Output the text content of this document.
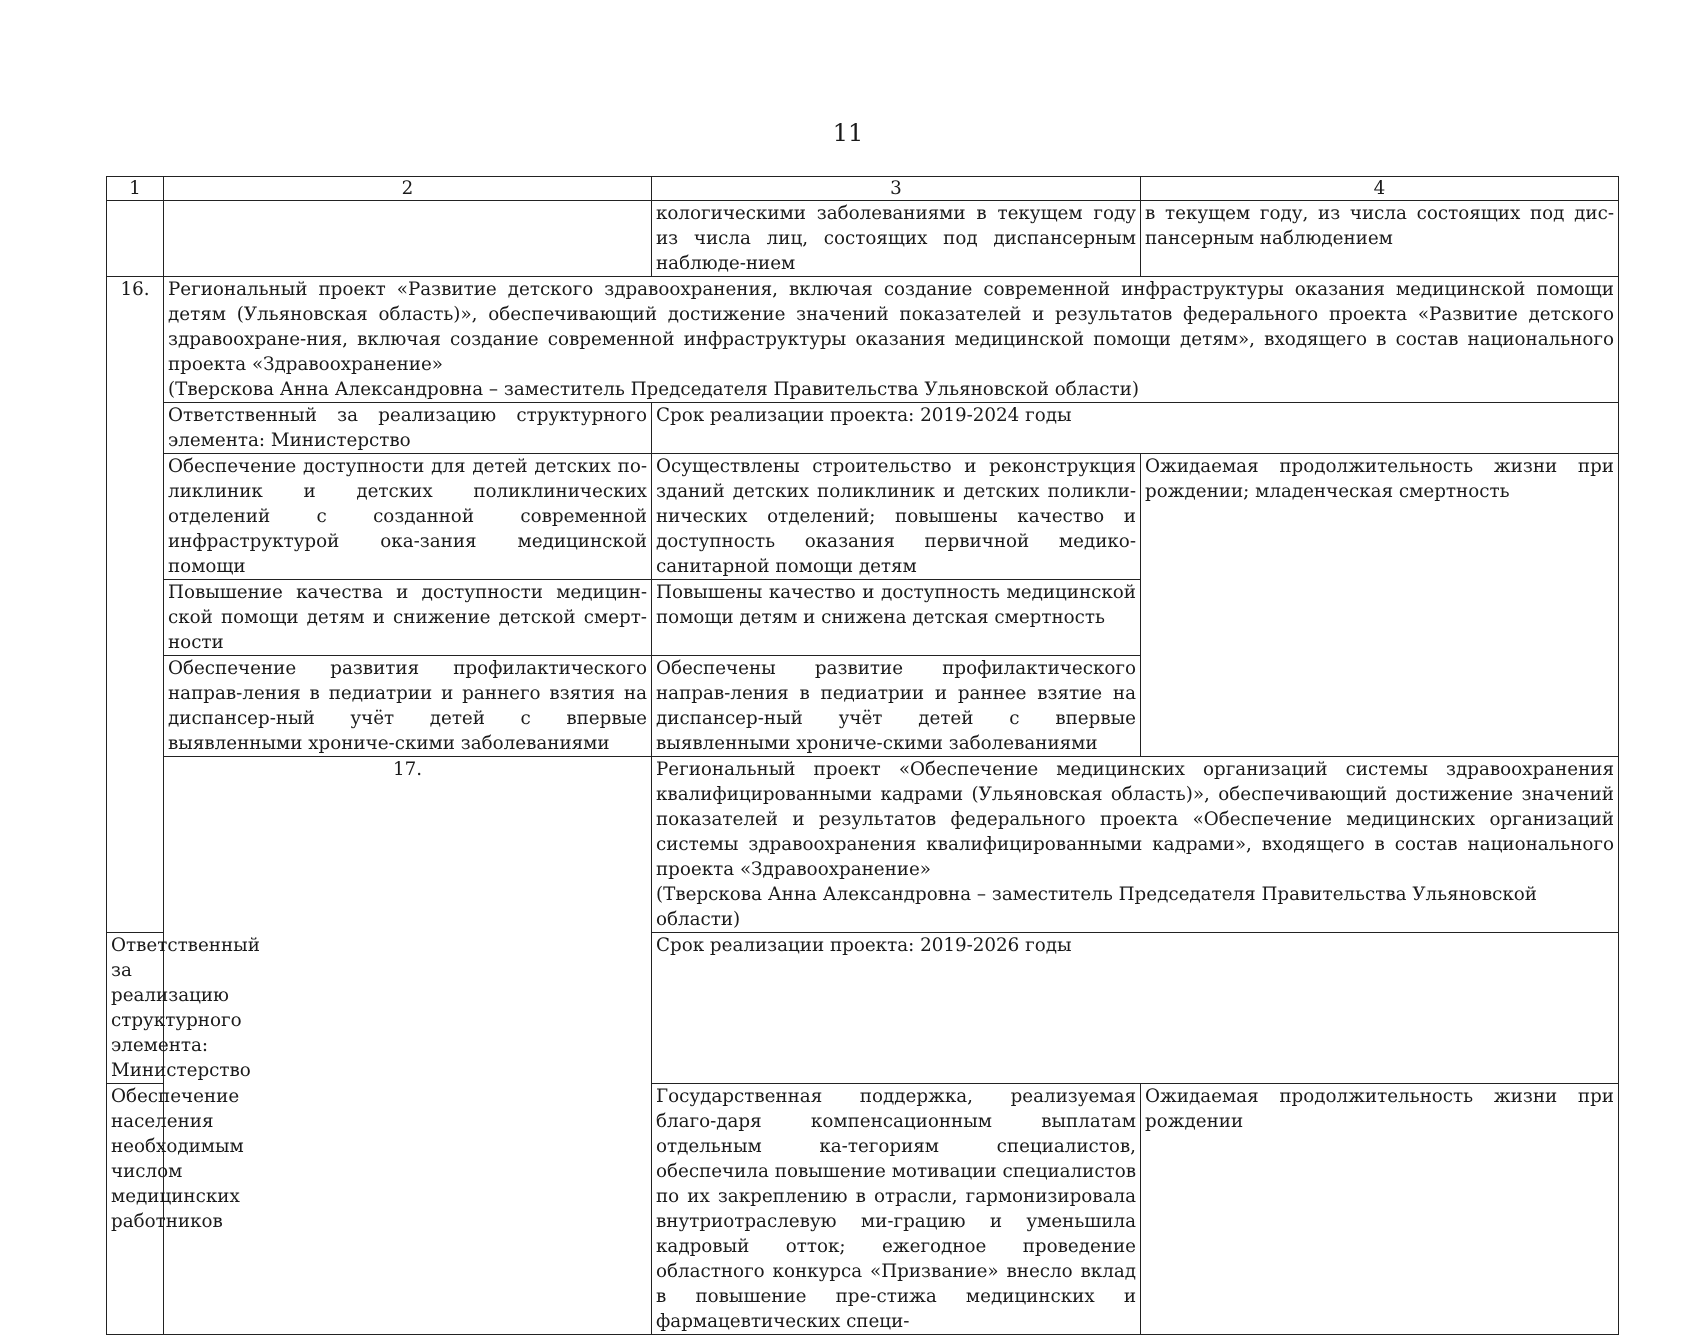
11
1	2	3	4
		кологическими заболеваниями в текущем году из числа лиц, состоящих под диспансерным наблюде-нием	в текущем году, из числа состоящих под дис-пансерным наблюдением
16.	Региональный проект «Развитие детского здравоохранения, включая создание современной инфраструктуры оказания медицинской помощи детям (Ульяновская область)», обеспечивающий достижение значений показателей и результатов федерального проекта «Развитие детского здравоохране-ния, включая создание современной инфраструктуры оказания медицинской помощи детям», входящего в состав национального проекта «Здравоохранение»
(Тверскова Анна Александровна – заместитель Председателя Правительства Ульяновской области)		

	Ответственный за реализацию структурного элемента: Министерство	Срок реализации проекта: 2019-2024 годы	
	Обеспечение доступности для детей детских по-ликлиник и детских поликлинических отделений с созданной современной инфраструктурой ока-зания медицинской помощи	Осуществлены строительство и реконструкция зданий детских поликлиник и детских поликли-нических отделений; повышены качество и доступность оказания первичной медико-санитарной помощи детям	Ожидаемая продолжительность жизни при рождении; младенческая смертность
	Повышение качества и доступности медицин-ской помощи детям и снижение детской смерт-ности	Повышены качество и доступность медицинской помощи детям и снижена детская смертность	
	Обеспечение развития профилактического направ-ления в педиатрии и раннего взятия на диспансер-ный учёт детей с впервые выявленными хрониче-скими заболеваниями	Обеспечены развитие профилактического направ-ления в педиатрии и раннее взятие на диспансер-ный учёт детей с впервые выявленными хрониче-скими заболеваниями	
	17.	Региональный проект «Обеспечение медицинских организаций системы здравоохранения квалифицированными кадрами (Ульяновская область)», обеспечивающий достижение значений показателей и результатов федерального проекта «Обеспечение медицинских организаций системы здравоохранения квалифицированными кадрами», входящего в состав национального проекта «Здравоохранение»
(Тверскова Анна Александровна – заместитель Председателя Правительства Ульяновской области)	

Ответственный за реализацию структурного элемента: Министерство		Срок реализации проекта: 2019-2026 годы	
Обеспечение населения необходимым числом медицинских работников		Государственная поддержка, реализуемая благо-даря компенсационным выплатам отдельным ка-тегориям специалистов, обеспечила повышение мотивации специалистов по их закреплению в отрасли, гармонизировала внутриотраслевую ми-грацию и уменьшила кадровый отток; ежегодное проведение областного конкурса «Призвание» внесло вклад в повышение пре-стижа медицинских и фармацевтических специ-	Ожидаемая продолжительность жизни при рождении
